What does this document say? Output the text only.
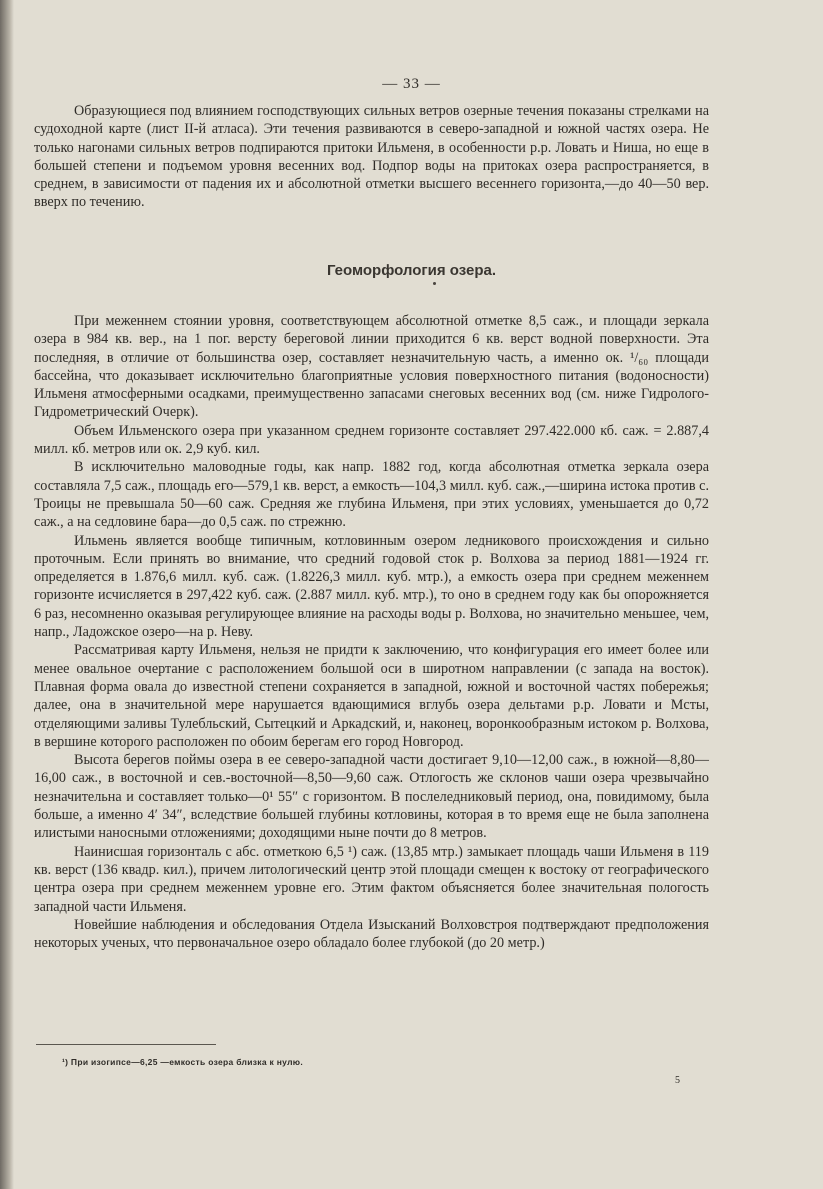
— 33 —

Образующиеся под влиянием господствующих сильных ветров озерные течения показаны стрелками на судоходной карте (лист II-й атласа). Эти течения развиваются в северо-западной и южной частях озера. Не только нагонами сильных ветров подпираются притоки Ильменя, в особенности р.р. Ловать и Ниша, но еще в большей степени и подъемом уровня весенних вод. Подпор воды на притоках озера распространяется, в среднем, в зависимости от падения их и абсолютной отметки высшего весеннего горизонта,—до 40—50 вер. вверх по течению.

Геоморфология озера.

При меженнем стоянии уровня, соответствующем абсолютной отметке 8,5 саж., и площади зеркала озера в 984 кв. вер., на 1 пог. версту береговой линии приходится 6 кв. верст водной поверхности. Эта последняя, в отличие от большинства озер, составляет незначительную часть, а именно ок. ¹/₆₀ площади бассейна, что доказывает исключительно благоприятные условия поверхностного питания (водоносности) Ильменя атмосферными осадками, преимущественно запасами снеговых весенних вод (см. ниже Гидролого-Гидрометрический Очерк).

Объем Ильменского озера при указанном среднем горизонте составляет 297.422.000 кб. саж. = 2.887,4 милл. кб. метров или ок. 2,9 куб. кил.

В исключительно маловодные годы, как напр. 1882 год, когда абсолютная отметка зеркала озера составляла 7,5 саж., площадь его—579,1 кв. верст, а емкость—104,3 милл. куб. саж.,—ширина истока против с. Троицы не превышала 50—60 саж. Средняя же глубина Ильменя, при этих условиях, уменьшается до 0,72 саж., а на седловине бара—до 0,5 саж. по стрежню.

Ильмень является вообще типичным, котловинным озером ледникового происхождения и сильно проточным. Если принять во внимание, что средний годовой сток р. Волхова за период 1881—1924 гг. определяется в 1.876,6 милл. куб. саж. (1.8226,3 милл. куб. мтр.), а емкость озера при среднем меженнем горизонте исчисляется в 297,422 куб. саж. (2.887 милл. куб. мтр.), то оно в среднем году как бы опорожняется 6 раз, несомненно оказывая регулирующее влияние на расходы воды р. Волхова, но значительно меньшее, чем, напр., Ладожское озеро—на р. Неву.

Рассматривая карту Ильменя, нельзя не придти к заключению, что конфигурация его имеет более или менее овальное очертание с расположением большой оси в широтном направлении (с запада на восток). Плавная форма овала до известной степени сохраняется в западной, южной и восточной частях побережья; далее, она в значительной мере нарушается вдающимися вглубь озера дельтами р.р. Ловати и Мсты, отделяющими заливы Тулебльский, Сытецкий и Аркадский, и, наконец, воронкообразным истоком р. Волхова, в вершине которого расположен по обоим берегам его город Новгород.

Высота берегов поймы озера в ее северо-западной части достигает 9,10—12,00 саж., в южной—8,80—16,00 саж., в восточной и сев.-восточной—8,50—9,60 саж. Отлогость же склонов чаши озера чрезвычайно незначительна и составляет только—0¹ 55″ с горизонтом. В послеледниковый период, она, повидимому, была больше, а именно 4′ 34″, вследствие большей глубины котловины, которая в то время еще не была заполнена илистыми наносными отложениями; доходящими ныне почти до 8 метров.

Наинисшая горизонталь с абс. отметкою 6,5 ¹) саж. (13,85 мтр.) замыкает площадь чаши Ильменя в 119 кв. верст (136 квадр. кил.), причем литологический центр этой площади смещен к востоку от географического центра озера при среднем меженнем уровне его. Этим фактом объясняется более значительная пологость западной части Ильменя.

Новейшие наблюдения и обследования Отдела Изысканий Волховстроя подтверждают предположения некоторых ученых, что первоначальное озеро обладало более глубокой (до 20 метр.)

¹) При изогипсе—6,25 —емкость озера близка к нулю.
5
